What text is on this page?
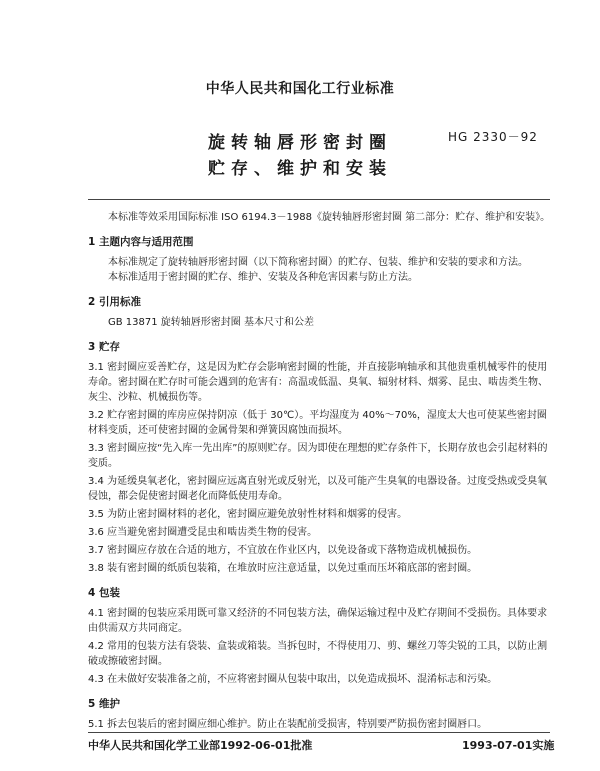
中华人民共和国化工行业标准
旋转轴唇形密封圈
贮存、维护和安装
HG 2330－92

本标准等效采用国际标准 ISO 6194.3－1988《旋转轴唇形密封圈 第二部分：贮存、维护和安装》。

1 主题内容与适用范围

本标准规定了旋转轴唇形密封圈（以下简称密封圈）的贮存、包装、维护和安装的要求和方法。

本标准适用于密封圈的贮存、维护、安装及各种危害因素与防止方法。

2 引用标准

GB 13871 旋转轴唇形密封圈 基本尺寸和公差

3 贮存

3.1 密封圈应妥善贮存，这是因为贮存会影响密封圈的性能，并直接影响轴承和其他贵重机械零件的使用寿命。密封圈在贮存时可能会遇到的危害有：高温或低温、臭氧、辐射材料、烟雾、昆虫、啮齿类生物、灰尘、沙粒、机械损伤等。

3.2 贮存密封圈的库房应保持阴凉（低于 30℃）。平均湿度为 40%～70%，湿度太大也可使某些密封圈材料变质，还可使密封圈的金属骨架和弹簧因腐蚀而损坏。

3.3 密封圈应按“先入库一先出库”的原则贮存。因为即使在理想的贮存条件下，长期存放也会引起材料的变质。

3.4 为延缓臭氧老化，密封圈应远离直射光或反射光，以及可能产生臭氧的电器设备。过度受热或受臭氧侵蚀，都会促使密封圈老化而降低使用寿命。

3.5 为防止密封圈材料的老化，密封圈应避免放射性材料和烟雾的侵害。

3.6 应当避免密封圈遭受昆虫和啮齿类生物的侵害。

3.7 密封圈应存放在合适的地方，不宜放在作业区内，以免设备或下落物造成机械损伤。

3.8 装有密封圈的纸质包装箱，在堆放时应注意适量，以免过重而压坏箱底部的密封圈。

4 包装

4.1 密封圈的包装应采用既可靠又经济的不同包装方法，确保运输过程中及贮存期间不受损伤。具体要求由供需双方共同商定。

4.2 常用的包装方法有袋装、盒装或箱装。当拆包时，不得使用刀、剪、螺丝刀等尖锐的工具，以防止割破或擦破密封圈。

4.3 在未做好安装准备之前，不应将密封圈从包装中取出，以免造成损坏、混淆标志和污染。

5 维护

5.1 拆去包装后的密封圈应细心维护。防止在装配前受损害，特别要严防损伤密封圈唇口。

中华人民共和国化学工业部1992-06-01批准	1993-07-01实施
